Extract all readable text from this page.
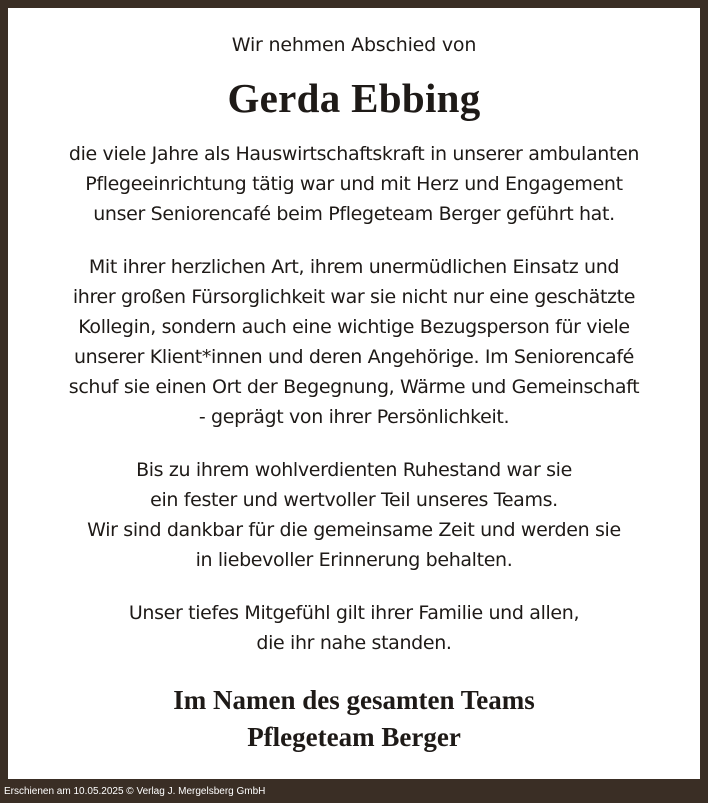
Wir nehmen Abschied von
Gerda Ebbing
die viele Jahre als Hauswirtschaftskraft in unserer ambulanten
Pflegeeinrichtung tätig war und mit Herz und Engagement
unser Seniorencafé beim Pflegeteam Berger geführt hat.
Mit ihrer herzlichen Art, ihrem unermüdlichen Einsatz und
ihrer großen Fürsorglichkeit war sie nicht nur eine geschätzte
Kollegin, sondern auch eine wichtige Bezugsperson für viele
unserer Klient*innen und deren Angehörige. Im Seniorencafé
schuf sie einen Ort der Begegnung, Wärme und Gemeinschaft
- geprägt von ihrer Persönlichkeit.
Bis zu ihrem wohlverdienten Ruhestand war sie
ein fester und wertvoller Teil unseres Teams.
Wir sind dankbar für die gemeinsame Zeit und werden sie
in liebevoller Erinnerung behalten.
Unser tiefes Mitgefühl gilt ihrer Familie und allen,
die ihr nahe standen.
Im Namen des gesamten Teams
Pflegeteam Berger
Erschienen am 10.05.2025 © Verlag J. Mergelsberg GmbH
